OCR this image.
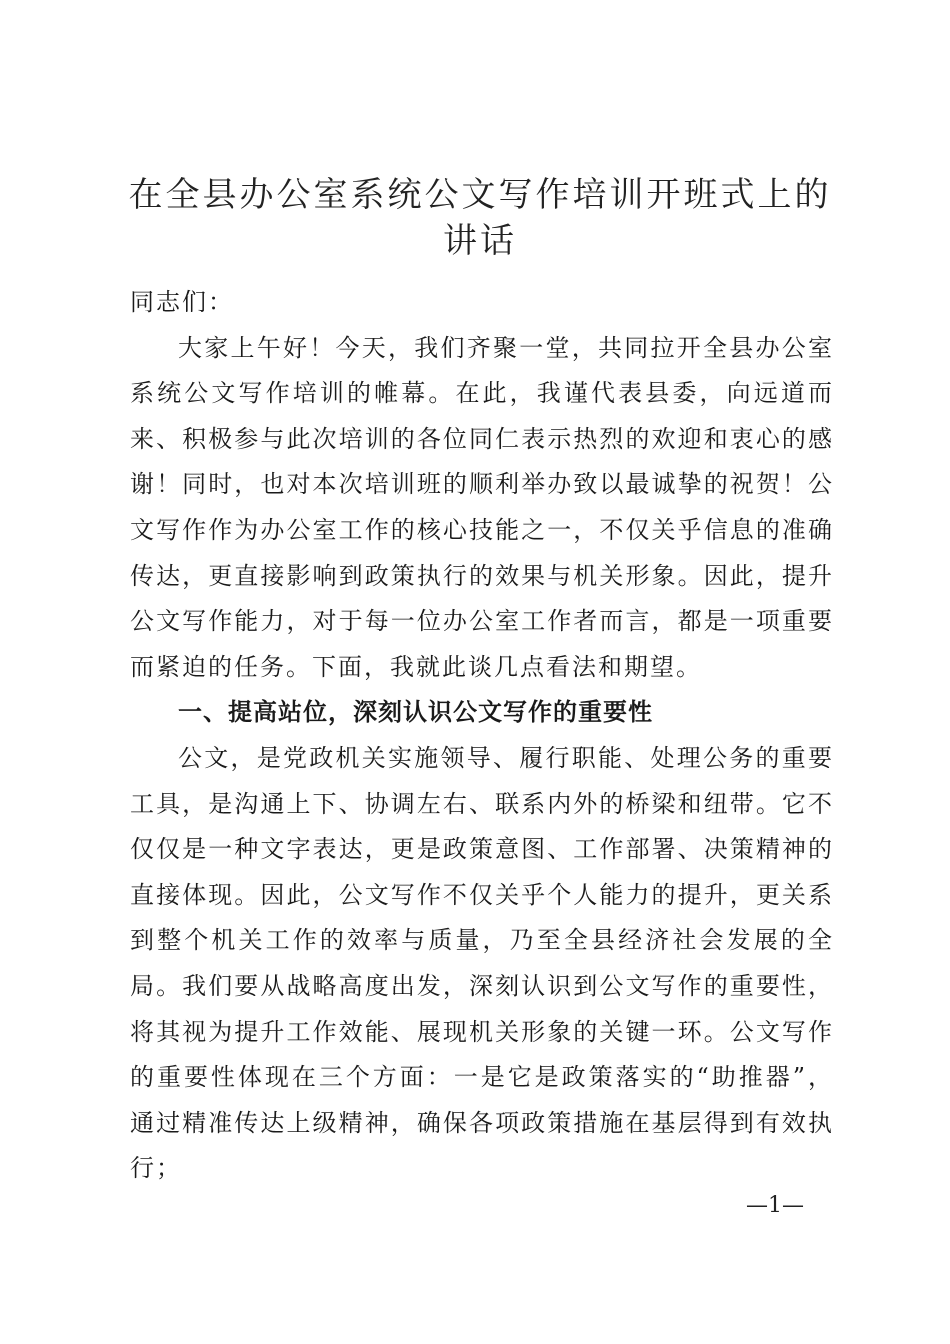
在全县办公室系统公文写作培训开班式上的讲话

同志们：

大家上午好！今天，我们齐聚一堂，共同拉开全县办公室系统公文写作培训的帷幕。在此，我谨代表县委，向远道而来、积极参与此次培训的各位同仁表示热烈的欢迎和衷心的感谢！同时，也对本次培训班的顺利举办致以最诚挚的祝贺！公文写作作为办公室工作的核心技能之一，不仅关乎信息的准确传达，更直接影响到政策执行的效果与机关形象。因此，提升公文写作能力，对于每一位办公室工作者而言，都是一项重要而紧迫的任务。下面，我就此谈几点看法和期望。

一、提高站位，深刻认识公文写作的重要性

公文，是党政机关实施领导、履行职能、处理公务的重要工具，是沟通上下、协调左右、联系内外的桥梁和纽带。它不仅仅是一种文字表达，更是政策意图、工作部署、决策精神的直接体现。因此，公文写作不仅关乎个人能力的提升，更关系到整个机关工作的效率与质量，乃至全县经济社会发展的全局。我们要从战略高度出发，深刻认识到公文写作的重要性，将其视为提升工作效能、展现机关形象的关键一环。公文写作的重要性体现在三个方面：一是它是政策落实的“助推器”，通过精准传达上级精神，确保各项政策措施在基层得到有效执行；

—1—
